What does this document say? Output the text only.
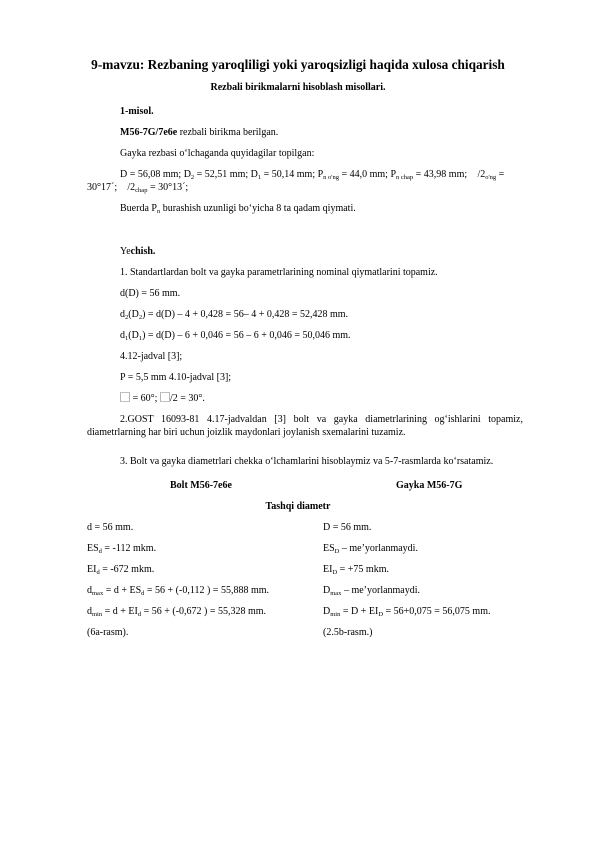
9-mavzu: Rezbaning yaroqliligi yoki yaroqsizligi haqida xulosa chiqarish
Rezbali birikmalarni hisoblash misollari.
1-misol.
M56-7G/7e6e rezbali birikma berilgan.
Gayka rezbasi o‘lchaganda quyidagilar topilgan:
D = 56,08 mm; $D_2 = 52,51$ mm; $D_1 = 50,14$ mm; $P_{n o'ng} = 44,0$ mm; $P_{n chap} = 43,98$ mm; $/2_{o'ng}$ =
30°17´; $/2_{chap}$ = 30°13´;
Buerda $P_n$ burashish uzunligi bo‘yicha 8 ta qadam qiymati.
Yechish.
1. Standartlardan bolt va gayka parametrlarining nominal qiymatlarini topamiz.
d(D) = 56 mm.
$d_2(D_2) = d(D) - 4 + 0,428 = 56-$ 4 + 0,428 = 52,428 mm.
$d_1(D_1) = d(D) - 6 + 0,046 = 56 - 6 + 0,046 = 50,046$ mm.
4.12-jadval [3];
P = 5,5 mm 4.10-jadval [3];
⃞ = 60°; /2 = 30°.
2.GOST 16093-81 4.17-jadvaldan [3] bolt va gayka diametrlarining og‘ishlarini topamiz, diametrlarning har biri uchun joizlik maydonlari joylanish sxemalarini tuzamiz.
3. Bolt va gayka diametrlari chekka o‘lchamlarini hisoblaymiz va 5-7-rasmlarda ko‘rsatamiz.
Bolt M56-7e6e	Gayka M56-7G
Tashqi diametr
d = 56 mm.
$ES_d = -112$ mkm.
$EI_d = -672$ mkm.
$d_{max} = d + ES_d = 56 + (-0,112$ ) = 55,888 mm.
$d_{min} = d + EI_d = 56 + (-0,672$ ) = 55,328 mm.
(6a-rasm).
D = 56 mm.
$ES_D$ – me’yorlanmaydi.
$EI_D = +75$ mkm.
$D_{max}$ – me’yorlanmaydi.
$D_{min} = D + EI_D = 56+0,075 = 56,075$ mm.
(2.5b-rasm.)
